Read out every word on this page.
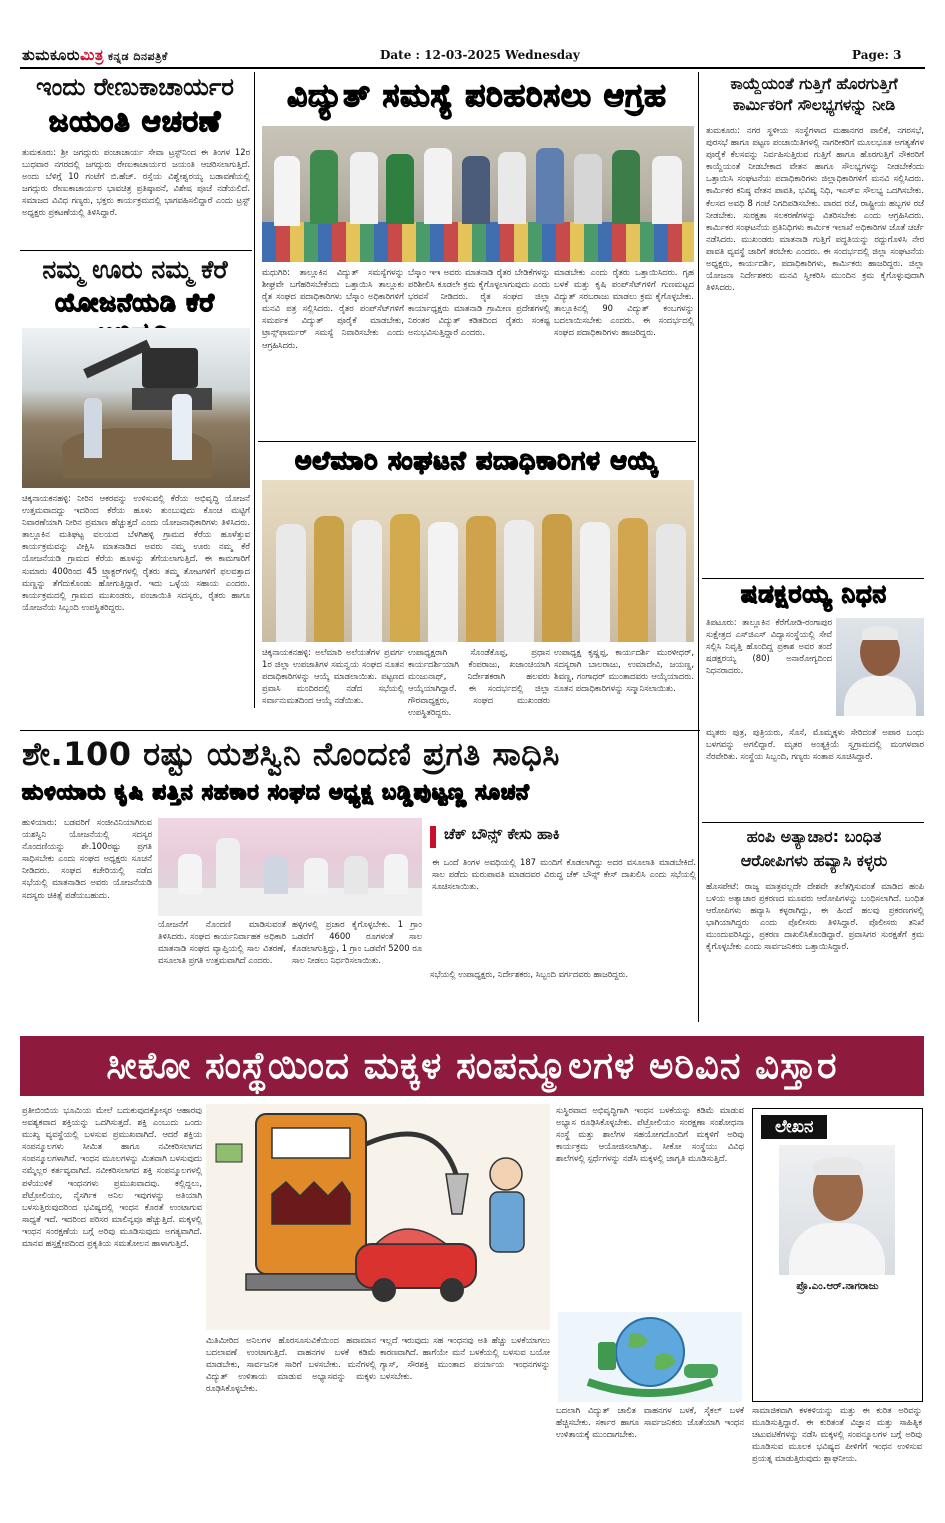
ತುಮಕೂರುಮಿತ್ರ ಕನ್ನಡ ದಿನಪತ್ರಿಕೆ	Date : 12-03-2025 Wednesday	Page: 3
ಇಂದು ರೇಣುಕಾಚಾರ್ಯರ
ಜಯಂತಿ ಆಚರಣೆ
ತುಮಕೂರು: ಶ್ರೀ ಜಗದ್ಗುರು ಪಂಚಾಚಾರ್ಯ ಸೇವಾ ಟ್ರಸ್ಟ್‌ನಿಂದ ಈ ತಿಂಗಳ 12ರ ಬುಧವಾರ ನಗರದಲ್ಲಿ ಜಗದ್ಗುರು ರೇಣುಕಾಚಾರ್ಯರ ಜಯಂತಿ ಆಚರಿಸಲಾಗುತ್ತಿದೆ. ಅಂದು ಬೆಳಿಗ್ಗೆ 10 ಗಂಟೆಗೆ ಬಿ.ಹೆಚ್. ರಸ್ತೆಯ ವಿಶ್ವೇಶ್ವರಯ್ಯ ಬಡಾವಣೆಯಲ್ಲಿ ಜಗದ್ಗುರು ರೇಣುಕಾಚಾರ್ಯರ ಭಾವಚಿತ್ರ ಪ್ರತಿಷ್ಠಾಪನೆ, ವಿಶೇಷ ಪೂಜೆ ನಡೆಯಲಿದೆ. ಸಮಾಜದ ವಿವಿಧ ಗಣ್ಯರು, ಭಕ್ತರು ಕಾರ್ಯಕ್ರಮದಲ್ಲಿ ಭಾಗವಹಿಸಲಿದ್ದಾರೆ ಎಂದು ಟ್ರಸ್ಟ್ ಅಧ್ಯಕ್ಷರು ಪ್ರಕಟಣೆಯಲ್ಲಿ ತಿಳಿಸಿದ್ದಾರೆ.
ನಮ್ಮ ಊರು ನಮ್ಮ ಕೆರೆ
ಯೋಜನೆಯಡಿ ಕೆರೆ
ಚಿಕ್ಕನಾಯಕನಹಳ್ಳಿ: ನೀರಿನ ಆಕರವನ್ನು ಉಳಿಸುವಲ್ಲಿ ಕೆರೆಯ ಅಭಿವೃದ್ಧಿ ಯೋಜನೆ ಉತ್ತಮವಾದದ್ದು ಇದರಿಂದ ಕೆರೆಯ ಹೂಳು ತುಂಬುವುದು ಕೊಂಚ ಮಟ್ಟಿಗೆ ನಿವಾರಣೆಯಾಗಿ ನೀರಿನ ಪ್ರಮಾಣ ಹೆಚ್ಚುತ್ತದೆ ಎಂದು ಯೋಜನಾಧಿಕಾರಿಗಳು ತಿಳಿಸಿದರು. ತಾಲ್ಲೂಕಿನ ಮತಿಘಟ್ಟ ವಲಯದ ಬೆಳಗಿಹಳ್ಳಿ ಗ್ರಾಮದ ಕೆರೆಯ ಹೂಳೆತ್ತುವ ಕಾರ್ಯಕ್ರಮವನ್ನು ವೀಕ್ಷಿಸಿ ಮಾತನಾಡಿದ ಅವರು ನಮ್ಮ ಊರು ನಮ್ಮ ಕೆರೆ ಯೋಜನೆಯಡಿ ಗ್ರಾಮದ ಕೆರೆಯ ಹೂಳನ್ನು ತೆಗೆಯಲಾಗುತ್ತಿದೆ. ಈ ಕಾಮಗಾರಿಗೆ ಸುಮಾರು 400ರಿಂದ 45 ಟ್ರ್ಯಾಕ್ಟರ್‌ಗಳಲ್ಲಿ ರೈತರು ತಮ್ಮ ತೋಟಗಳಿಗೆ ಫಲವತ್ತಾದ ಮಣ್ಣನ್ನು ತೆಗೆದುಕೊಂಡು ಹೋಗುತ್ತಿದ್ದಾರೆ. ಇದು ಒಳ್ಳೆಯ ಸಹಾಯ ಎಂದರು. ಕಾರ್ಯಕ್ರಮದಲ್ಲಿ ಗ್ರಾಮದ ಮುಖಂಡರು, ಪಂಚಾಯಿತಿ ಸದಸ್ಯರು, ರೈತರು ಹಾಗೂ ಯೋಜನೆಯ ಸಿಬ್ಬಂದಿ ಉಪಸ್ಥಿತರಿದ್ದರು.
ವಿದ್ಯುತ್ ಸಮಸ್ಯೆ ಪರಿಹರಿಸಲು ಆಗ್ರಹ
ಮಧುಗಿರಿ: ತಾಲ್ಲೂಕಿನ ವಿದ್ಯುತ್ ಸಮಸ್ಯೆಗಳನ್ನು ಶೀಘ್ರವೇ ಬಗೆಹರಿಸಬೇಕೆಂದು ಒತ್ತಾಯಿಸಿ ತಾಲ್ಲೂಕು ರೈತ ಸಂಘದ ಪದಾಧಿಕಾರಿಗಳು ಬೆಸ್ಕಾಂ ಅಧಿಕಾರಿಗಳಿಗೆ ಮನವಿ ಪತ್ರ ಸಲ್ಲಿಸಿದರು. ರೈತರ ಪಂಪ್‌ಸೆಟ್‌ಗಳಿಗೆ ಸಮರ್ಪಕ ವಿದ್ಯುತ್ ಪೂರೈಕೆ ಮಾಡಬೇಕು, ಟ್ರಾನ್ಸ್‌ಫಾರ್ಮರ್ ಸಮಸ್ಯೆ ನಿವಾರಿಸಬೇಕು ಎಂದು ಆಗ್ರಹಿಸಿದರು.
ಬೆಸ್ಕಾಂ ಇಇ ಅವರು ಮಾತನಾಡಿ ರೈತರ ಬೇಡಿಕೆಗಳನ್ನು ಪರಿಶೀಲಿಸಿ ಕೂಡಲೇ ಕ್ರಮ ಕೈಗೊಳ್ಳಲಾಗುವುದು ಎಂದು ಭರವಸೆ ನೀಡಿದರು. ರೈತ ಸಂಘದ ಜಿಲ್ಲಾ ಕಾರ್ಯಾಧ್ಯಕ್ಷರು ಮಾತನಾಡಿ ಗ್ರಾಮೀಣ ಪ್ರದೇಶಗಳಲ್ಲಿ ನಿರಂತರ ವಿದ್ಯುತ್ ಕಡಿತದಿಂದ ರೈತರು ಸಂಕಷ್ಟ ಅನುಭವಿಸುತ್ತಿದ್ದಾರೆ ಎಂದರು.
ಮಾಡಬೇಕು ಎಂದು ರೈತರು ಒತ್ತಾಯಿಸಿದರು. ಗೃಹ ಬಳಕೆ ಮತ್ತು ಕೃಷಿ ಪಂಪ್‌ಸೆಟ್‌ಗಳಿಗೆ ಗುಣಮಟ್ಟದ ವಿದ್ಯುತ್ ಸರಬರಾಜು ಮಾಡಲು ಕ್ರಮ ಕೈಗೊಳ್ಳಬೇಕು. ತಾಲ್ಲೂಕಿನಲ್ಲಿ 90 ವಿದ್ಯುತ್ ಕಂಬಗಳನ್ನು ಬದಲಾಯಿಸಬೇಕು ಎಂದರು. ಈ ಸಂದರ್ಭದಲ್ಲಿ ಸಂಘದ ಪದಾಧಿಕಾರಿಗಳು ಹಾಜರಿದ್ದರು.
ಅಲೆಮಾರಿ ಸಂಘಟನೆ ಪದಾಧಿಕಾರಿಗಳ ಆಯ್ಕೆ
ಚಿಕ್ಕನಾಯಕನಹಳ್ಳಿ: ಅಲೆಮಾರಿ ಅಲೆಯತೆಗಳ ಪ್ರವರ್ಗ 1ರ ಜಿಲ್ಲಾ ಉಪಜಾತಿಗಳ ಸಮನ್ವಯ ಸಂಘದ ನೂತನ ಪದಾಧಿಕಾರಿಗಳನ್ನು ಆಯ್ಕೆ ಮಾಡಲಾಯಿತು. ಪಟ್ಟಣದ ಪ್ರವಾಸಿ ಮಂದಿರದಲ್ಲಿ ನಡೆದ ಸಭೆಯಲ್ಲಿ ಸರ್ವಾನುಮತದಿಂದ ಆಯ್ಕೆ ನಡೆಯಿತು.
ಉಪಾಧ್ಯಕ್ಷರಾಗಿ ಸೊಂಡೆಕೊಪ್ಪ, ಪ್ರಧಾನ ಕಾರ್ಯದರ್ಶಿಯಾಗಿ ಕೆಂಪರಾಜು, ಖಜಾಂಚಿಯಾಗಿ ಮಂಜುನಾಥ್, ನಿರ್ದೇಶಕರಾಗಿ ಹಲವರು ಆಯ್ಕೆಯಾಗಿದ್ದಾರೆ. ಈ ಸಂದರ್ಭದಲ್ಲಿ ಜಿಲ್ಲಾ ಗೌರವಾಧ್ಯಕ್ಷರು, ಸಂಘದ ಮುಖಂಡರು ಉಪಸ್ಥಿತರಿದ್ದರು.
ಉಪಾಧ್ಯಕ್ಷ ಕೃಷ್ಣಪ್ಪ, ಕಾರ್ಯದರ್ಶಿ ಮುರಳೀಧರ್, ಸದಸ್ಯರಾಗಿ ಬಾಲರಾಜು, ಉಮಾದೇವಿ, ಜಯಣ್ಣ, ಶಿವಣ್ಣ, ಗಂಗಾಧರ್ ಮುಂತಾದವರು ಆಯ್ಕೆಯಾದರು. ನೂತನ ಪದಾಧಿಕಾರಿಗಳನ್ನು ಸನ್ಮಾನಿಸಲಾಯಿತು.
ಕಾಯ್ದೆಯಂತೆ ಗುತ್ತಿಗೆ ಹೊರಗುತ್ತಿಗೆ
ಕಾರ್ಮಿಕರಿಗೆ ಸೌಲಭ್ಯಗಳನ್ನು ನೀಡಿ
ತುಮಕೂರು: ನಗರ ಸ್ಥಳೀಯ ಸಂಸ್ಥೆಗಳಾದ ಮಹಾನಗರ ಪಾಲಿಕೆ, ನಗರಸಭೆ, ಪುರಸಭೆ ಹಾಗೂ ಪಟ್ಟಣ ಪಂಚಾಯಿತಿಗಳಲ್ಲಿ ನಾಗರೀಕರಿಗೆ ಮೂಲಭೂತ ಅಗತ್ಯತೆಗಳ ಪೂರೈಕೆ ಕೆಲಸವನ್ನು ನಿರ್ವಹಿಸುತ್ತಿರುವ ಗುತ್ತಿಗೆ ಹಾಗೂ ಹೊರಗುತ್ತಿಗೆ ನೌಕರರಿಗೆ ಕಾಯ್ದೆಯಂತೆ ನೀಡಬೇಕಾದ ವೇತನ ಹಾಗೂ ಸೌಲಭ್ಯಗಳನ್ನು ನೀಡಬೇಕೆಂದು ಒತ್ತಾಯಿಸಿ ಸಂಘಟನೆಯ ಪದಾಧಿಕಾರಿಗಳು ಜಿಲ್ಲಾಧಿಕಾರಿಗಳಿಗೆ ಮನವಿ ಸಲ್ಲಿಸಿದರು. ಕಾರ್ಮಿಕರ ಕನಿಷ್ಠ ವೇತನ ಪಾವತಿ, ಭವಿಷ್ಯ ನಿಧಿ, ಇಎಸ್ಐ ಸೌಲಭ್ಯ ಒದಗಿಸಬೇಕು. ಕೆಲಸದ ಅವಧಿ 8 ಗಂಟೆ ನಿಗದಿಪಡಿಸಬೇಕು. ವಾರದ ರಜೆ, ರಾಷ್ಟ್ರೀಯ ಹಬ್ಬಗಳ ರಜೆ ನೀಡಬೇಕು. ಸುರಕ್ಷತಾ ಸಲಕರಣೆಗಳನ್ನು ವಿತರಿಸಬೇಕು ಎಂದು ಆಗ್ರಹಿಸಿದರು. ಕಾರ್ಮಿಕರ ಸಂಘಟನೆಯ ಪ್ರತಿನಿಧಿಗಳು ಕಾರ್ಮಿಕ ಇಲಾಖೆ ಅಧಿಕಾರಿಗಳ ಜೊತೆ ಚರ್ಚೆ ನಡೆಸಿದರು. ಮುಖಂಡರು ಮಾತನಾಡಿ ಗುತ್ತಿಗೆ ಪದ್ಧತಿಯನ್ನು ರದ್ದುಗೊಳಿಸಿ ನೇರ ಪಾವತಿ ವ್ಯವಸ್ಥೆ ಜಾರಿಗೆ ತರಬೇಕು ಎಂದರು. ಈ ಸಂದರ್ಭದಲ್ಲಿ ಜಿಲ್ಲಾ ಸಂಘಟನೆಯ ಅಧ್ಯಕ್ಷರು, ಕಾರ್ಯದರ್ಶಿ, ಪದಾಧಿಕಾರಿಗಳು, ಕಾರ್ಮಿಕರು ಹಾಜರಿದ್ದರು. ಜಿಲ್ಲಾ ಯೋಜನಾ ನಿರ್ದೇಶಕರು ಮನವಿ ಸ್ವೀಕರಿಸಿ ಮುಂದಿನ ಕ್ರಮ ಕೈಗೊಳ್ಳುವುದಾಗಿ ತಿಳಿಸಿದರು.
ಷಡಕ್ಷರಯ್ಯ ನಿಧನ
ತಿಪಟೂರು: ತಾಲ್ಲೂಕಿನ ಕೆರೆಗೋಡಿ-ರಂಗಾಪುರ ಸುಕ್ಷೇತ್ರದ ಎಸ್‌ಜಿಎಸ್ ವಿದ್ಯಾಸಂಸ್ಥೆಯಲ್ಲಿ ಸೇವೆ ಸಲ್ಲಿಸಿ ನಿವೃತ್ತಿ ಹೊಂದಿದ್ದ ಪ್ರಕಾಶ ಅವರ ತಂದೆ ಷಡಕ್ಷರಯ್ಯ (80) ಅನಾರೋಗ್ಯದಿಂದ ನಿಧನರಾದರು.
ಮೃತರು ಪುತ್ರ, ಪುತ್ರಿಯರು, ಸೊಸೆ, ಮೊಮ್ಮಕ್ಕಳು ಸೇರಿದಂತೆ ಅಪಾರ ಬಂಧು ಬಳಗವನ್ನು ಅಗಲಿದ್ದಾರೆ. ಮೃತರ ಅಂತ್ಯಕ್ರಿಯೆ ಸ್ವಗ್ರಾಮದಲ್ಲಿ ಮಂಗಳವಾರ ನೆರವೇರಿತು. ಸಂಸ್ಥೆಯ ಸಿಬ್ಬಂದಿ, ಗಣ್ಯರು ಸಂತಾಪ ಸೂಚಿಸಿದ್ದಾರೆ.
ಶೇ.100 ರಷ್ಟು ಯಶಸ್ವಿನಿ ನೊಂದಣಿ ಪ್ರಗತಿ ಸಾಧಿಸಿ
ಹುಳಿಯಾರು ಕೃಷಿ ಪತ್ತಿನ ಸಹಕಾರ ಸಂಘದ ಅಧ್ಯಕ್ಷ ಬಡ್ಡಿಪುಟ್ಟಣ್ಣ ಸೂಚನೆ
ಹುಳಿಯಾರು: ಬಡವರಿಗೆ ಸಂಜೀವಿನಿಯಾಗಿರುವ ಯಶಸ್ವಿನಿ ಯೋಜನೆಯಲ್ಲಿ ಸದಸ್ಯರ ನೊಂದಣಿಯನ್ನು ಶೇ.100ರಷ್ಟು ಪ್ರಗತಿ ಸಾಧಿಸಬೇಕು ಎಂದು ಸಂಘದ ಅಧ್ಯಕ್ಷರು ಸೂಚನೆ ನೀಡಿದರು. ಸಂಘದ ಕಚೇರಿಯಲ್ಲಿ ನಡೆದ ಸಭೆಯಲ್ಲಿ ಮಾತನಾಡಿದ ಅವರು ಯೋಜನೆಯಡಿ ಸದಸ್ಯರು ಚಿಕಿತ್ಸೆ ಪಡೆಯಬಹುದು.
ಯೋಜನೆಗೆ ನೊಂದಣಿ ಮಾಡಿಸುವಂತೆ ತಿಳಿಸಿದರು. ಸಂಘದ ಕಾರ್ಯನಿರ್ವಾಹಕ ಅಧಿಕಾರಿ ಮಾತನಾಡಿ ಸಂಘದ ವ್ಯಾಪ್ತಿಯಲ್ಲಿ ಸಾಲ ವಿತರಣೆ, ವಸೂಲಾತಿ ಪ್ರಗತಿ ಉತ್ತಮವಾಗಿದೆ ಎಂದರು.
ಹಳ್ಳಿಗಳಲ್ಲಿ ಪ್ರಚಾರ ಕೈಗೊಳ್ಳಬೇಕು. 1 ಗ್ರಾಂ ಒಡವೆಗೆ 4600 ರೂಗಳಂತೆ ಸಾಲ ಕೊಡಲಾಗುತ್ತಿದ್ದು, 1 ಗ್ರಾಂ ಒಡವೆಗೆ 5200 ರೂ ಸಾಲ ನೀಡಲು ನಿರ್ಧರಿಸಲಾಯಿತು.
ಚೆಕ್ ಬೌನ್ಸ್ ಕೇಸು ಹಾಕಿ
ಈ ಒಂದೆ ತಿಂಗಳ ಅವಧಿಯಲ್ಲಿ 187 ಮಂದಿಗೆ ಕೊಡಲಾಗಿದ್ದು ಅದರ ವಸೂಲಾತಿ ಮಾಡಬೇಕಿದೆ. ಸಾಲ ಪಡೆದು ಮರುಪಾವತಿ ಮಾಡದವರ ವಿರುದ್ಧ ಚೆಕ್ ಬೌನ್ಸ್ ಕೇಸ್ ದಾಖಲಿಸಿ ಎಂದು ಸಭೆಯಲ್ಲಿ ಸೂಚಿಸಲಾಯಿತು.
ಸಭೆಯಲ್ಲಿ ಉಪಾಧ್ಯಕ್ಷರು, ನಿರ್ದೇಶಕರು, ಸಿಬ್ಬಂದಿ ವರ್ಗದವರು ಹಾಜರಿದ್ದರು.
ಹಂಪಿ ಅತ್ಯಾಚಾರ: ಬಂಧಿತ
ಆರೋಪಿಗಳು ಹವ್ಯಾಸಿ ಕಳ್ಳರು
ಹೊಸಪೇಟೆ: ರಾಜ್ಯ ಮಾತ್ರವಲ್ಲದೇ ದೇಶವೇ ತಲೆತಗ್ಗಿಸುವಂತೆ ಮಾಡಿದ ಹಂಪಿ ಬಳಿಯ ಅತ್ಯಾಚಾರ ಪ್ರಕರಣದ ಮೂವರು ಆರೋಪಿಗಳನ್ನು ಬಂಧಿಸಲಾಗಿದೆ. ಬಂಧಿತ ಆರೋಪಿಗಳು ಹವ್ಯಾಸಿ ಕಳ್ಳರಾಗಿದ್ದು, ಈ ಹಿಂದೆ ಹಲವು ಪ್ರಕರಣಗಳಲ್ಲಿ ಭಾಗಿಯಾಗಿದ್ದರು ಎಂದು ಪೊಲೀಸರು ತಿಳಿಸಿದ್ದಾರೆ. ಪೊಲೀಸರು ತನಿಖೆ ಮುಂದುವರಿಸಿದ್ದು, ಪ್ರಕರಣ ದಾಖಲಿಸಿಕೊಂಡಿದ್ದಾರೆ. ಪ್ರವಾಸಿಗರ ಸುರಕ್ಷತೆಗೆ ಕ್ರಮ ಕೈಗೊಳ್ಳಬೇಕು ಎಂದು ಸಾರ್ವಜನಿಕರು ಒತ್ತಾಯಿಸಿದ್ದಾರೆ.
ಸೀಕೋ ಸಂಸ್ಥೆಯಿಂದ ಮಕ್ಕಳ ಸಂಪನ್ಮೂಲಗಳ ಅರಿವಿನ ವಿಸ್ತಾರ
ಪ್ರತೀಬಿಂಬಿಯ ಭೂಮಿಯ ಮೇಲೆ ಬದುಕುವುದಕ್ಕೋಸ್ಕರ ಆಹಾರವು ಅವಶ್ಯಕವಾದ ಶಕ್ತಿಯನ್ನು ಒದಗಿಸುತ್ತದೆ. ಶಕ್ತಿ ಎಂಬುದು ಒಂದು ಮುಖ್ಯ ವ್ಯವಸ್ಥೆಯಲ್ಲಿ ಬಳಸುವ ಪ್ರಮುಖವಾಗಿದೆ. ಆದರೆ ಶಕ್ತಿಯ ಸಂಪನ್ಮೂಲಗಳು ಸೀಮಿತ ಹಾಗೂ ನವೀಕರಿಸಲಾಗದ ಸಂಪನ್ಮೂಲಗಳಾಗಿವೆ. ಇಂಧನ ಮೂಲಗಳನ್ನು ಮಿತವಾಗಿ ಬಳಸುವುದು ನಮ್ಮೆಲ್ಲರ ಕರ್ತವ್ಯವಾಗಿದೆ. ನವೀಕರಿಸಲಾಗದ ಶಕ್ತಿ ಸಂಪನ್ಮೂಲಗಳಲ್ಲಿ ಪಳೆಯುಳಿಕೆ ಇಂಧನಗಳು ಪ್ರಮುಖವಾದವು. ಕಲ್ಲಿದ್ದಲು, ಪೆಟ್ರೋಲಿಯಂ, ನೈಸರ್ಗಿಕ ಅನಿಲ ಇವುಗಳನ್ನು ಅತಿಯಾಗಿ ಬಳಸುತ್ತಿರುವುದರಿಂದ ಭವಿಷ್ಯದಲ್ಲಿ ಇಂಧನ ಕೊರತೆ ಉಂಟಾಗುವ ಸಾಧ್ಯತೆ ಇದೆ. ಇದರಿಂದ ಪರಿಸರ ಮಾಲಿನ್ಯವೂ ಹೆಚ್ಚುತ್ತಿದೆ. ಮಕ್ಕಳಲ್ಲಿ ಇಂಧನ ಸಂರಕ್ಷಣೆಯ ಬಗ್ಗೆ ಅರಿವು ಮೂಡಿಸುವುದು ಅಗತ್ಯವಾಗಿದೆ. ಮಾನವ ಹಸ್ತಕ್ಷೇಪದಿಂದ ಪ್ರಕೃತಿಯ ಸಮತೋಲನ ಹಾಳಾಗುತ್ತಿದೆ.
ಮಿತಿಮೀರಿದ ಅನಿಲಗಳ ಹೊರಸೂಸುವಿಕೆಯಿಂದ ಹವಾಮಾನ ಬದಲಾವಣೆ ಉಂಟಾಗುತ್ತಿದೆ. ವಾಹನಗಳ ಬಳಕೆ ಕಡಿಮೆ ಮಾಡಬೇಕು, ಸಾರ್ವಜನಿಕ ಸಾರಿಗೆ ಬಳಸಬೇಕು. ಮನೆಗಳಲ್ಲಿ ವಿದ್ಯುತ್ ಉಳಿತಾಯ ಮಾಡುವ ಅಭ್ಯಾಸವನ್ನು ಮಕ್ಕಳು ರೂಢಿಸಿಕೊಳ್ಳಬೇಕು.
ಇಲ್ಲದೆ ಇರುವುದು ಸಹ ಇಂಧನವು ಅತಿ ಹೆಚ್ಚು ಬಳಕೆಯಾಗಲು ಕಾರಣವಾಗಿದೆ. ಹಾಗೆಯೇ ಮನೆ ಬಳಕೆಯಲ್ಲಿ ಬಳಸುವ ಬಯೋ ಗ್ಯಾಸ್, ಸೌರಶಕ್ತಿ ಮುಂತಾದ ಪರ್ಯಾಯ ಇಂಧನಗಳನ್ನು ಬಳಸಬೇಕು.
ಸುಸ್ಥಿರವಾದ ಅಭಿವೃದ್ಧಿಗಾಗಿ ಇಂಧನ ಬಳಕೆಯನ್ನು ಕಡಿಮೆ ಮಾಡುವ ಅಭ್ಯಾಸ ರೂಢಿಸಿಕೊಳ್ಳಬೇಕು. ಪೆಟ್ರೋಲಿಯಂ ಸಂರಕ್ಷಣಾ ಸಂಶೋಧನಾ ಸಂಸ್ಥೆ ಮತ್ತು ಶಾಲೆಗಳ ಸಹಯೋಗದೊಂದಿಗೆ ಮಕ್ಕಳಿಗೆ ಅರಿವು ಕಾರ್ಯಕ್ರಮ ಆಯೋಜಿಸಲಾಗಿತ್ತು. ಸೀಕೋ ಸಂಸ್ಥೆಯು ವಿವಿಧ ಶಾಲೆಗಳಲ್ಲಿ ಸ್ಪರ್ಧೆಗಳನ್ನು ನಡೆಸಿ ಮಕ್ಕಳಲ್ಲಿ ಜಾಗೃತಿ ಮೂಡಿಸುತ್ತಿದೆ.
ಬದಲಾಗಿ ವಿದ್ಯುತ್ ಚಾಲಿತ ವಾಹನಗಳ ಬಳಕೆ, ಸೈಕಲ್ ಬಳಕೆ ಹೆಚ್ಚಿಸಬೇಕು. ಸರ್ಕಾರ ಹಾಗೂ ಸಾರ್ವಜನಿಕರು ಜೊತೆಯಾಗಿ ಇಂಧನ ಉಳಿತಾಯಕ್ಕೆ ಮುಂದಾಗಬೇಕು.
ಲೇಖನ
ಪ್ರೊ.ಎಂ.ಆರ್.ನಾಗರಾಜು
ಸಾಮಾಜಿಕವಾಗಿ ಕಳಕಳಿಯನ್ನು ಮತ್ತು ಈ ಕುರಿತ ಅರಿವನ್ನು ಮೂಡಿಸುತ್ತಿದ್ದಾರೆ. ಈ ಕುರಿತಂತೆ ವಿಜ್ಞಾನ ಮತ್ತು ಸಾಹಿತ್ಯಿಕ ಚಟುವಟಿಕೆಗಳನ್ನು ನಡೆಸಿ ಮಕ್ಕಳಲ್ಲಿ ಸಂಪನ್ಮೂಲಗಳ ಬಗ್ಗೆ ಅರಿವು ಮೂಡಿಸುವ ಮೂಲಕ ಭವಿಷ್ಯದ ಪೀಳಿಗೆಗೆ ಇಂಧನ ಉಳಿಸುವ ಪ್ರಯತ್ನ ಮಾಡುತ್ತಿರುವುದು ಶ್ಲಾಘನೀಯ.
